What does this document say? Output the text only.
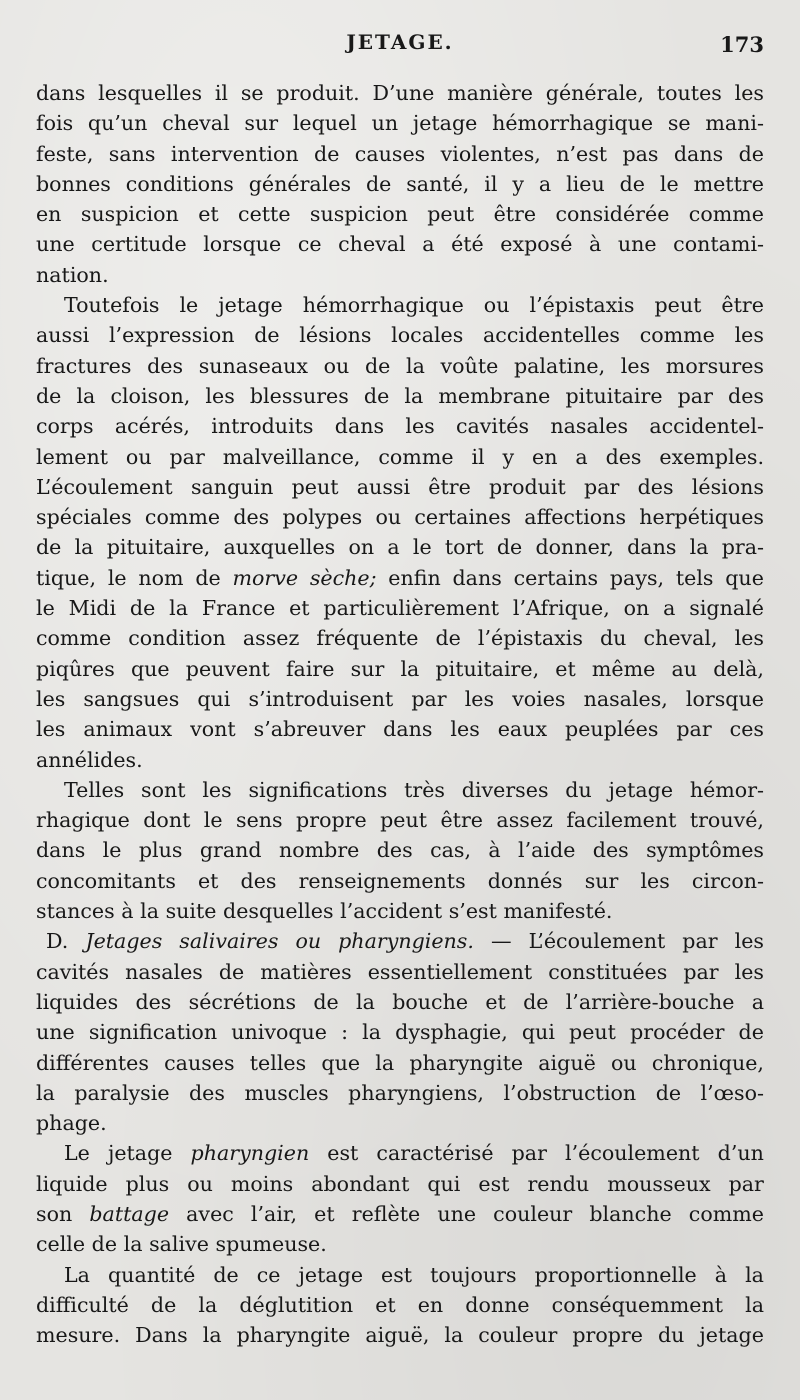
JETAGE.	173
dans lesquelles il se produit. D’une manière générale, toutes les
fois qu’un cheval sur lequel un jetage hémorrhagique se mani-
feste, sans intervention de causes violentes, n’est pas dans de
bonnes conditions générales de santé, il y a lieu de le mettre
en suspicion et cette suspicion peut être considérée comme
une certitude lorsque ce cheval a été exposé à une contami-
nation.
Toutefois le jetage hémorrhagique ou l’épistaxis peut être
aussi l’expression de lésions locales accidentelles comme les
fractures des sunaseaux ou de la voûte palatine, les morsures
de la cloison, les blessures de la membrane pituitaire par des
corps acérés, introduits dans les cavités nasales accidentel-
lement ou par malveillance, comme il y en a des exemples.
L’écoulement sanguin peut aussi être produit par des lésions
spéciales comme des polypes ou certaines affections herpétiques
de la pituitaire, auxquelles on a le tort de donner, dans la pra-
tique, le nom de morve sèche; enfin dans certains pays, tels que
le Midi de la France et particulièrement l’Afrique, on a signalé
comme condition assez fréquente de l’épistaxis du cheval, les
piqûres que peuvent faire sur la pituitaire, et même au delà,
les sangsues qui s’introduisent par les voies nasales, lorsque
les animaux vont s’abreuver dans les eaux peuplées par ces
annélides.
Telles sont les significations très diverses du jetage hémor-
rhagique dont le sens propre peut être assez facilement trouvé,
dans le plus grand nombre des cas, à l’aide des symptômes
concomitants et des renseignements donnés sur les circon-
stances à la suite desquelles l’accident s’est manifesté.
D. Jetages salivaires ou pharyngiens. — L’écoulement par les
cavités nasales de matières essentiellement constituées par les
liquides des sécrétions de la bouche et de l’arrière-bouche a
une signification univoque : la dysphagie, qui peut procéder de
différentes causes telles que la pharyngite aiguë ou chronique,
la paralysie des muscles pharyngiens, l’obstruction de l’œso-
phage.
Le jetage pharyngien est caractérisé par l’écoulement d’un
liquide plus ou moins abondant qui est rendu mousseux par
son battage avec l’air, et reflète une couleur blanche comme
celle de la salive spumeuse.
La quantité de ce jetage est toujours proportionnelle à la
difficulté de la déglutition et en donne conséquemment la
mesure. Dans la pharyngite aiguë, la couleur propre du jetage
